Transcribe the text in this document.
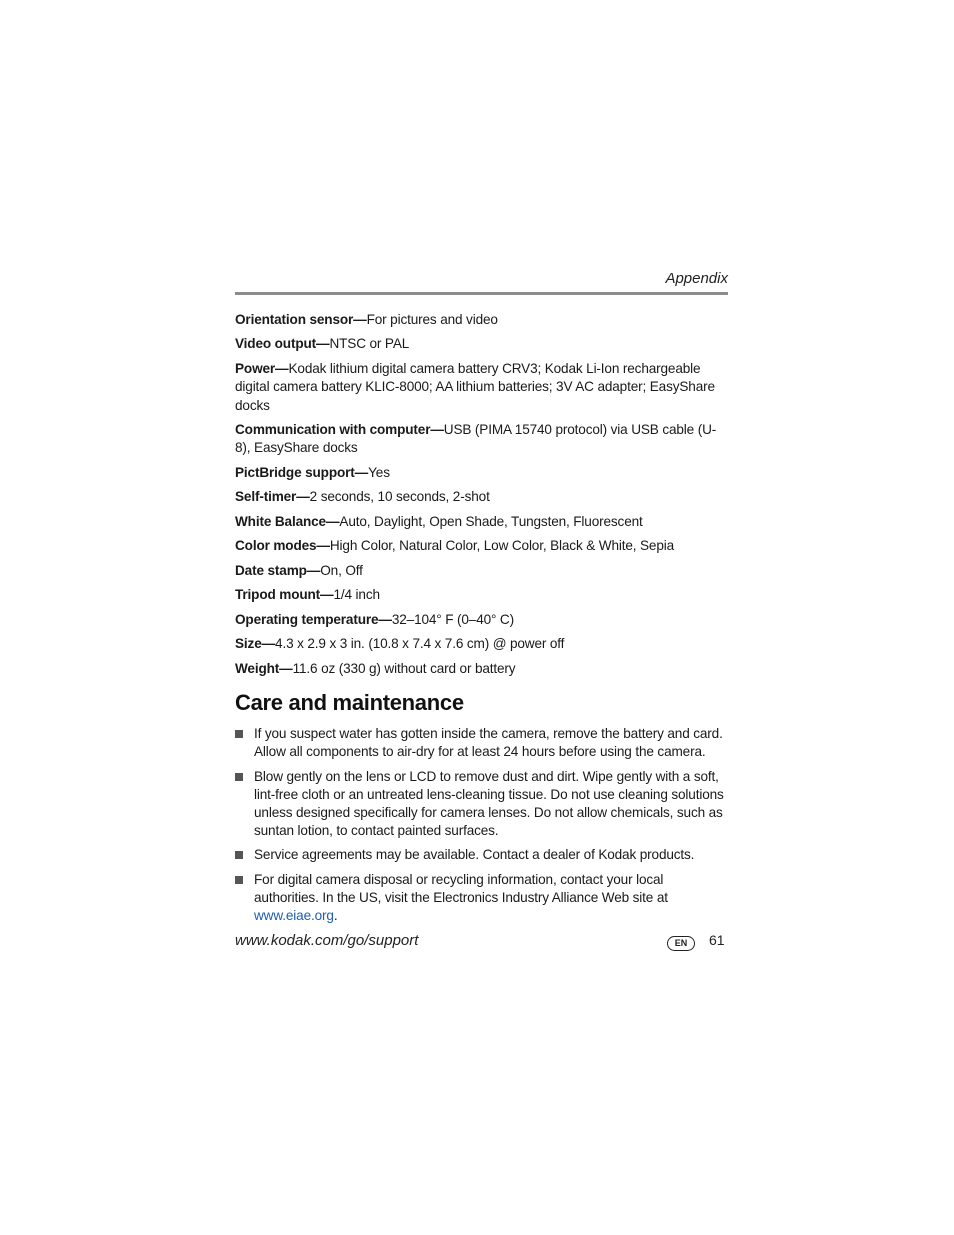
Appendix

Orientation sensor—For pictures and video

Video output—NTSC or PAL

Power—Kodak lithium digital camera battery CRV3; Kodak Li-Ion rechargeable digital camera battery KLIC-8000; AA lithium batteries; 3V AC adapter; EasyShare docks

Communication with computer—USB (PIMA 15740 protocol) via USB cable (U-8), EasyShare docks

PictBridge support—Yes

Self-timer—2 seconds, 10 seconds, 2-shot

White Balance—Auto, Daylight, Open Shade, Tungsten, Fluorescent

Color modes—High Color, Natural Color, Low Color, Black & White, Sepia

Date stamp—On, Off

Tripod mount—1/4 inch

Operating temperature—32–104° F (0–40° C)

Size—4.3 x 2.9 x 3 in. (10.8 x 7.4 x 7.6 cm) @ power off

Weight—11.6 oz (330 g) without card or battery

Care and maintenance
If you suspect water has gotten inside the camera, remove the battery and card. Allow all components to air-dry for at least 24 hours before using the camera.
Blow gently on the lens or LCD to remove dust and dirt. Wipe gently with a soft, lint-free cloth or an untreated lens-cleaning tissue. Do not use cleaning solutions unless designed specifically for camera lenses. Do not allow chemicals, such as suntan lotion, to contact painted surfaces.
Service agreements may be available. Contact a dealer of Kodak products.
For digital camera disposal or recycling information, contact your local authorities. In the US, visit the Electronics Industry Alliance Web site at www.eiae.org.
www.kodak.com/go/support	EN	61
